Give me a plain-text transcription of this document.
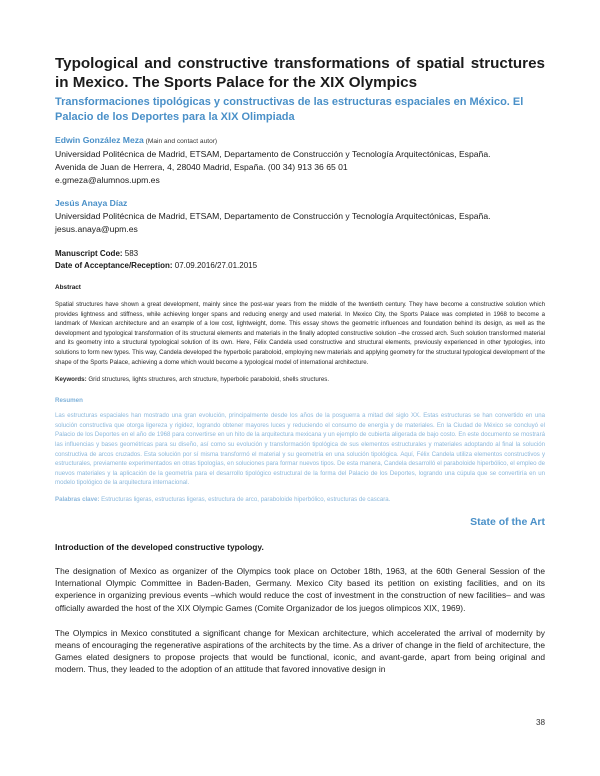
Typological and constructive transformations of spatial structures in Mexico. The Sports Palace for the XIX Olympics
Transformaciones tipológicas y constructivas de las estructuras espaciales en México. El Palacio de los Deportes para la XIX Olimpiada
Edwin González Meza (Main and contact autor)
Universidad Politécnica de Madrid, ETSAM, Departamento de Construcción y Tecnología Arquitectónicas, España.
Avenida de Juan de Herrera, 4, 28040 Madrid, España. (00 34) 913 36 65 01
e.gmeza@alumnos.upm.es
Jesús Anaya Díaz
Universidad Politécnica de Madrid, ETSAM, Departamento de Construcción y Tecnología Arquitectónicas, España.
jesus.anaya@upm.es
Manuscript Code: 583
Date of Acceptance/Reception: 07.09.2016/27.01.2015
Abstract
Spatial structures have shown a great development, mainly since the post-war years from the middle of the twentieth century. They have become a constructive solution which provides lightness and stiffness, while achieving longer spans and reducing energy and used material. In Mexico City, the Sports Palace was completed in 1968 to become a landmark of Mexican architecture and an example of a low cost, lightweight, dome. This essay shows the geometric influences and foundation behind its design, as well as the development and typological transformation of its structural elements and materials in the finally adopted constructive solution –the crossed arch. Such solution transformed material and its geometry into a structural typological solution of its own. Here, Félix Candela used constructive and structural elements, previously experienced in other typologies, into solutions to form new types. This way, Candela developed the hyperbolic paraboloid, employing new materials and applying geometry for the structural typological development of the shape of the Sports Palace, achieving a dome which would become a typological model of international architecture.
Keywords: Grid structures, lights structures, arch structure, hyperbolic paraboloid, shells structures.
Resumen
Las estructuras espaciales han mostrado una gran evolución, principalmente desde los años de la posguerra a mitad del siglo XX. Estas estructuras se han convertido en una solución constructiva que otorga ligereza y rigidez, logrando obtener mayores luces y reduciendo el consumo de energía y de materiales. En la Ciudad de México se concluyó el Palacio de los Deportes en el año de 1968 para convertirse en un hito de la arquitectura mexicana y un ejemplo de cubierta aligerada de bajo costo. En este documento se mostrará las influencias y bases geométricas para su diseño, así como su evolución y transformación tipológica de sus elementos estructurales y materiales adoptando al final la solución constructiva de arcos cruzados. Esta solución por sí misma transformó el material y su geometría en una solución tipológica. Aquí, Félix Candela utiliza elementos constructivos y estructurales, previamente experimentados en otras tipologías, en soluciones para formar nuevos tipos. De esta manera, Candela desarrolló el paraboloide hiperbólico, el empleo de nuevos materiales y la aplicación de la geometría para el desarrollo tipológico estructural de la forma del Palacio de los Deportes, logrando una cúpula que se convertiría en un modelo tipológico de la arquitectura internacional.
Palabras clave: Estructuras ligeras, estructuras ligeras, estructura de arco, paraboloide hiperbólico, estructuras de cascara.
State of the Art
Introduction of the developed constructive typology.

The designation of Mexico as organizer of the Olympics took place on October 18th, 1963, at the 60th General Session of the International Olympic Committee in Baden-Baden, Germany. Mexico City based its petition on existing facilities, and on its experience in organizing previous events –which would reduce the cost of investment in the construction of new facilities– and was officially awarded the host of the XIX Olympic Games (Comite Organizador de los juegos olimpicos XIX, 1969).

The Olympics in Mexico constituted a significant change for Mexican architecture, which accelerated the arrival of modernity by means of encouraging the regenerative aspirations of the architects by the time. As a driver of change in the field of architecture, the Games elated designers to propose projects that would be functional, iconic, and avant-garde, apart from being original and modern. Thus, they leaded to the adoption of an attitude that favored innovative design in

38
